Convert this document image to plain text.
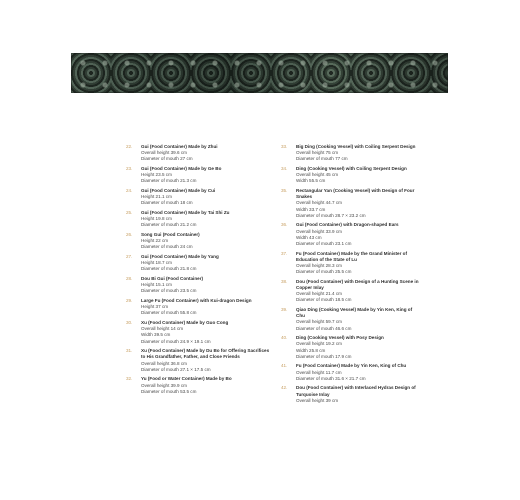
22.	Gui (Food Container) Made by Zhui
Overall height 39.6 cm
Diameter of mouth 27 cm
23.	Gui (Food Container) Made by Ge Bo
Height 23.5 cm
Diameter of mouth 21.3 cm
24.	Gui (Food Container) Made by Cui
Height 21.1 cm
Diameter of mouth 18 cm
25.	Gui (Food Container) Made by Tai Shi Zu
Height 19.8 cm
Diameter of mouth 21.2 cm
26.	Song Gui (Food Container)
Height 22 cm
Diameter of mouth 24 cm
27.	Gui (Food Container) Made by Yang
Height 18.7 cm
Diameter of mouth 21.8 cm
28.	Dou Bi Gui (Food Container)
Height 15.1 cm
Diameter of mouth 23.5 cm
29.	Large Fu (Food Container) with Kui-dragon Design
Height 37 cm
Diameter of mouth 55.8 cm
30.	Xu (Food Container) Made by Guo Cong
Overall height 14 cm
Width 39.5 cm
Diameter of mouth 24.9 × 19.1 cm
31.	Xu (Food Container) Made by Du Bo for Offering Sacrifices to His Grandfather, Father, and Close Friends
Overall height 36.8 cm
Diameter of mouth 27.1 × 17.5 cm
32.	Yu (Food or Water Container) Made by Bo
Overall height 39.9 cm
Diameter of mouth 53.5 cm
33.	Big Ding (Cooking Vessel) with Coiling Serpent Design
Overall height 75 cm
Diameter of mouth 77 cm
34.	Ding (Cooking Vessel) with Coiling Serpent Design
Overall height 45 cm
Width 55.5 cm
35.	Rectangular Yan (Cooking Vessel) with Design of Four Snakes
Overall height 44.7 cm
Width 33.7 cm
Diameter of mouth 28.7 × 23.2 cm
36.	Gui (Food Container) with Dragon-shaped Ears
Overall height 33.9 cm
Width 43 cm
Diameter of mouth 23.1 cm
37.	Fu (Food Container) Made by the Grand Minister of Education of the State of Lu
Overall height 28.3 cm
Diameter of mouth 25.5 cm
38.	Dou (Food Container) with Design of a Hunting Scene in Copper Inlay
Overall height 21.4 cm
Diameter of mouth 18.5 cm
39.	Qiao Ding (Cooking Vessel) Made by Yin Ken, King of Chu
Overall height 59.7 cm
Diameter of mouth 46.6 cm
40.	Ding (Cooking Vessel) with Posy Design
Overall height 19.2 cm
Width 25.8 cm
Diameter of mouth 17.9 cm
41.	Fu (Food Container) Made by Yin Ken, King of Chu
Overall height 11.7 cm
Diameter of mouth 31.6 × 21.7 cm
42.	Dou (Food Container) with Interlaced Hydras Design of Turquoise Inlay
Overall height 39 cm
